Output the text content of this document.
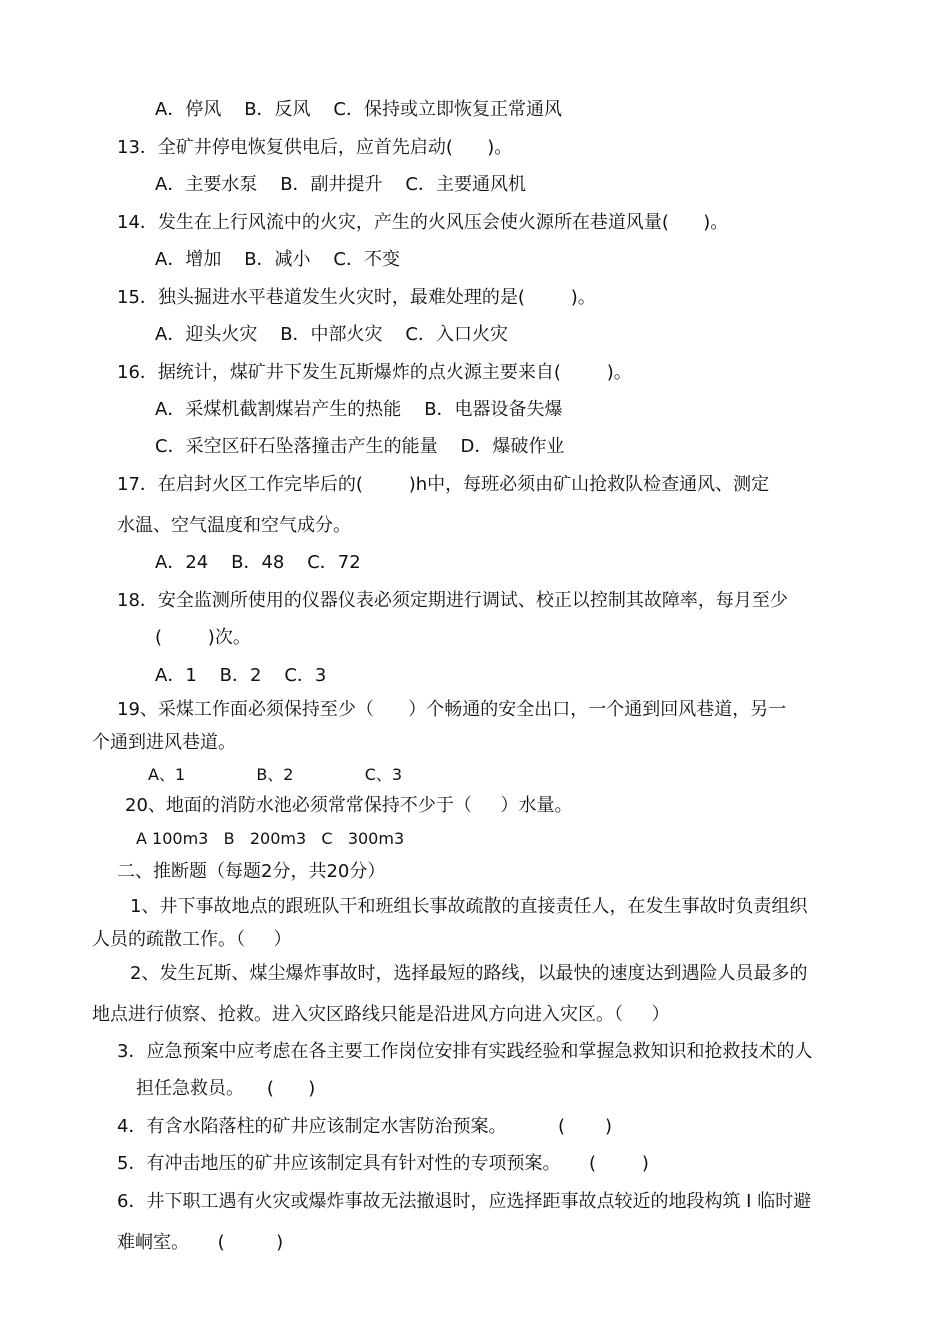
A．停风    B．反风    C．保持或立即恢复正常通风
13．全矿井停电恢复供电后，应首先启动(      )。
A．主要水泵    B．副井提升    C．主要通风机
14．发生在上行风流中的火灾，产生的火风压会使火源所在巷道风量(      )。
A．增加    B．减小    C．不变
15．独头掘进水平巷道发生火灾时，最难处理的是(        )。
A．迎头火灾    B．中部火灾    C．入口火灾
16．据统计，煤矿井下发生瓦斯爆炸的点火源主要来自(        )。
A．采煤机截割煤岩产生的热能    B．电器设备失爆
C．采空区矸石坠落撞击产生的能量    D．爆破作业
17．在启封火区工作完毕后的(        )h中，每班必须由矿山抢救队检查通风、测定
水温、空气温度和空气成分。
A．24    B．48    C．72
18．安全监测所使用的仪器仪表必须定期进行调试、校正以控制其故障率，每月至少
(        )次。
A．1    B．2    C．3
19、采煤工作面必须保持至少（      ）个畅通的安全出口，一个通到回风巷道，另一
个通到进风巷道。
A、1              B、2              C、3
20、地面的消防水池必须常常保持不少于（     ）水量。
A 100m3   B   200m3   C   300m3
二、推断题（每题2分，共20分）
1、井下事故地点的跟班队干和班组长事故疏散的直接责任人，在发生事故时负责组织
人员的疏散工作。（     ）
2、发生瓦斯、煤尘爆炸事故时，选择最短的路线，以最快的速度达到遇险人员最多的
地点进行侦察、抢救。进入灾区路线只能是沿进风方向进入灾区。（     ）
3．应急预案中应考虑在各主要工作岗位安排有实践经验和掌握急救知识和抢救技术的人
担任急救员。    (      )
4．有含水陷落柱的矿井应该制定水害防治预案。         (       )
5．有冲击地压的矿井应该制定具有针对性的专项预案。     (        )
6．井下职工遇有火灾或爆炸事故无法撤退时，应选择距事故点较近的地段构筑 I 临时避
难峒室。     (         )
